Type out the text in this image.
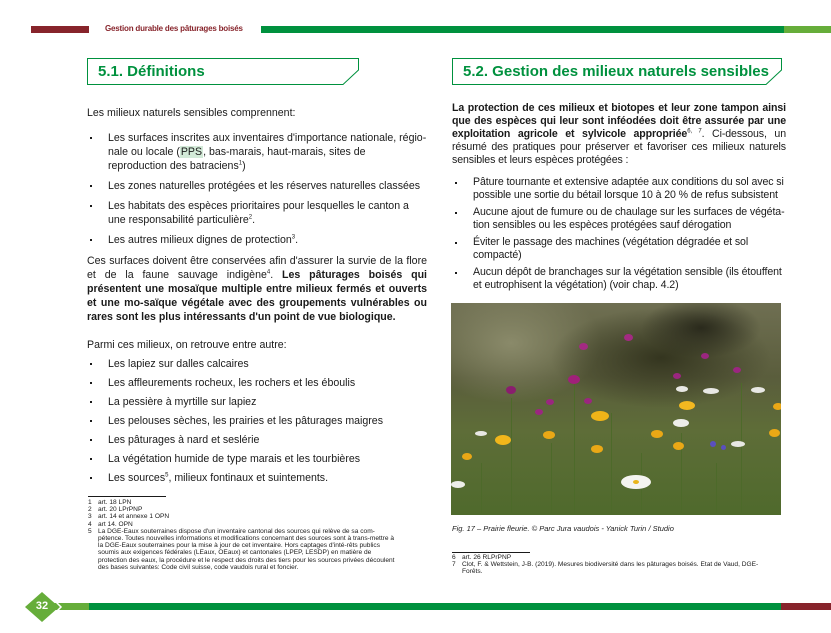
Gestion durable des pâturages boisés
5.1. Définitions	5.2. Gestion des milieux naturels sensibles

Les milieux naturels sensibles comprennent:

Les surfaces inscrites aux inventaires d'importance nationale, régio-nale ou locale (PPS, bas-marais, haut-marais, sites de reproduction des batraciens$^1$)
Les zones naturelles protégées et les réserves naturelles classées
Les habitats des espèces prioritaires pour lesquelles le canton a une responsabilité particulière$^2$.
Les autres milieux dignes de protection$^3$.

Ces surfaces doivent être conservées afin d'assurer la survie de la flore et de la faune sauvage indigène$^4$. Les pâturages boisés qui présentent une mosaïque multiple entre milieux fermés et ouverts et une mo-saïque végétale avec des groupements vulnérables ou rares sont les plus intéressants d'un point de vue biologique.

Parmi ces milieux, on retrouve entre autre:

Les lapiez sur dalles calcaires
Les affleurements rocheux, les rochers et les éboulis
La pessière à myrtille sur lapiez
Les pelouses sèches, les prairies et les pâturages maigres
Les pâturages à nard et seslérie
La végétation humide de type marais et les tourbières
Les sources$^5$, milieux fontinaux et suintements.
1 art. 18 LPN
2 art. 20 LPrPNP
3 art. 14 et annexe 1 OPN
4 art 14. OPN
5 La DGE-Eaux souterraines dispose d'un inventaire cantonal des sources qui relève de sa com-pétence. Toutes nouvelles informations et modifications concernant des sources sont à trans-mettre à la DGE-Eaux souterraines pour la mise à jour de cet inventaire. Hors captages d'inté-rêts publics soumis aux exigences fédérales (LEaux, OEaux) et cantonales (LPEP, LESDP) en matière de protection des eaux, la procédure et le respect des droits des tiers pour les sources privées découlent des bases suivantes: Code civil suisse, code vaudois rural et foncier.

La protection de ces milieux et biotopes et leur zone tampon ainsi que des espèces qui leur sont inféodées doit être assurée par une exploitation agricole et sylvicole appropriée$^{6, 7}$. Ci-dessous, un résumé des pratiques pour préserver et favoriser ces milieux naturels sensibles et leurs espèces protégées :

Pâture tournante et extensive adaptée aux conditions du sol avec si possible une sortie du bétail lorsque 10 à 20 % de refus subsistent
Aucune ajout de fumure ou de chaulage sur les surfaces de végéta-tion sensibles ou les espèces protégées sauf dérogation
Éviter le passage des machines (végétation dégradée et sol compacté)
Aucun dépôt de branchages sur la végétation sensible (ils étouffent et eutrophisent la végétation) (voir chap. 4.2)
Fig. 17 – Prairie fleurie. © Parc Jura vaudois - Yanick Turin / Studio
6 art. 26 RLPrPNP
7 Clot, F. & Wettstein, J-B. (2019). Mesures biodiversité dans les pâturages boisés. Etat de Vaud, DGE-Forêts.
32
